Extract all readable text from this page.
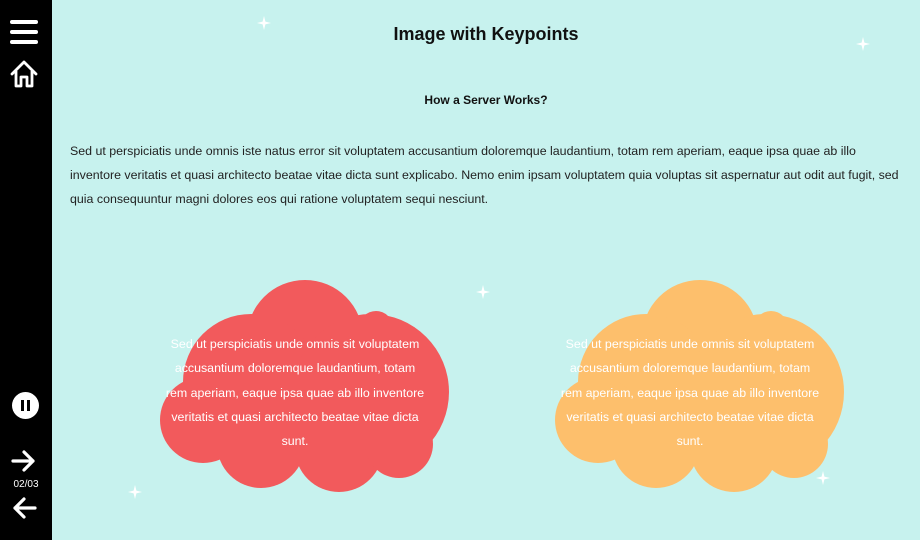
02/03
Image with Keypoints
How a Server Works?

Sed ut perspiciatis unde omnis iste natus error sit voluptatem accusantium doloremque laudantium, totam rem aperiam, eaque ipsa quae ab illo inventore veritatis et quasi architecto beatae vitae dicta sunt explicabo. Nemo enim ipsam voluptatem quia voluptas sit aspernatur aut odit aut fugit, sed quia consequuntur magni dolores eos qui ratione voluptatem sequi nesciunt.

Sed ut perspiciatis unde omnis sit voluptatem accusantium doloremque laudantium, totam rem aperiam, eaque ipsa quae ab illo inventore veritatis et quasi architecto beatae vitae dicta sunt.

Sed ut perspiciatis unde omnis sit voluptatem accusantium doloremque laudantium, totam rem aperiam, eaque ipsa quae ab illo inventore veritatis et quasi architecto beatae vitae dicta sunt.
